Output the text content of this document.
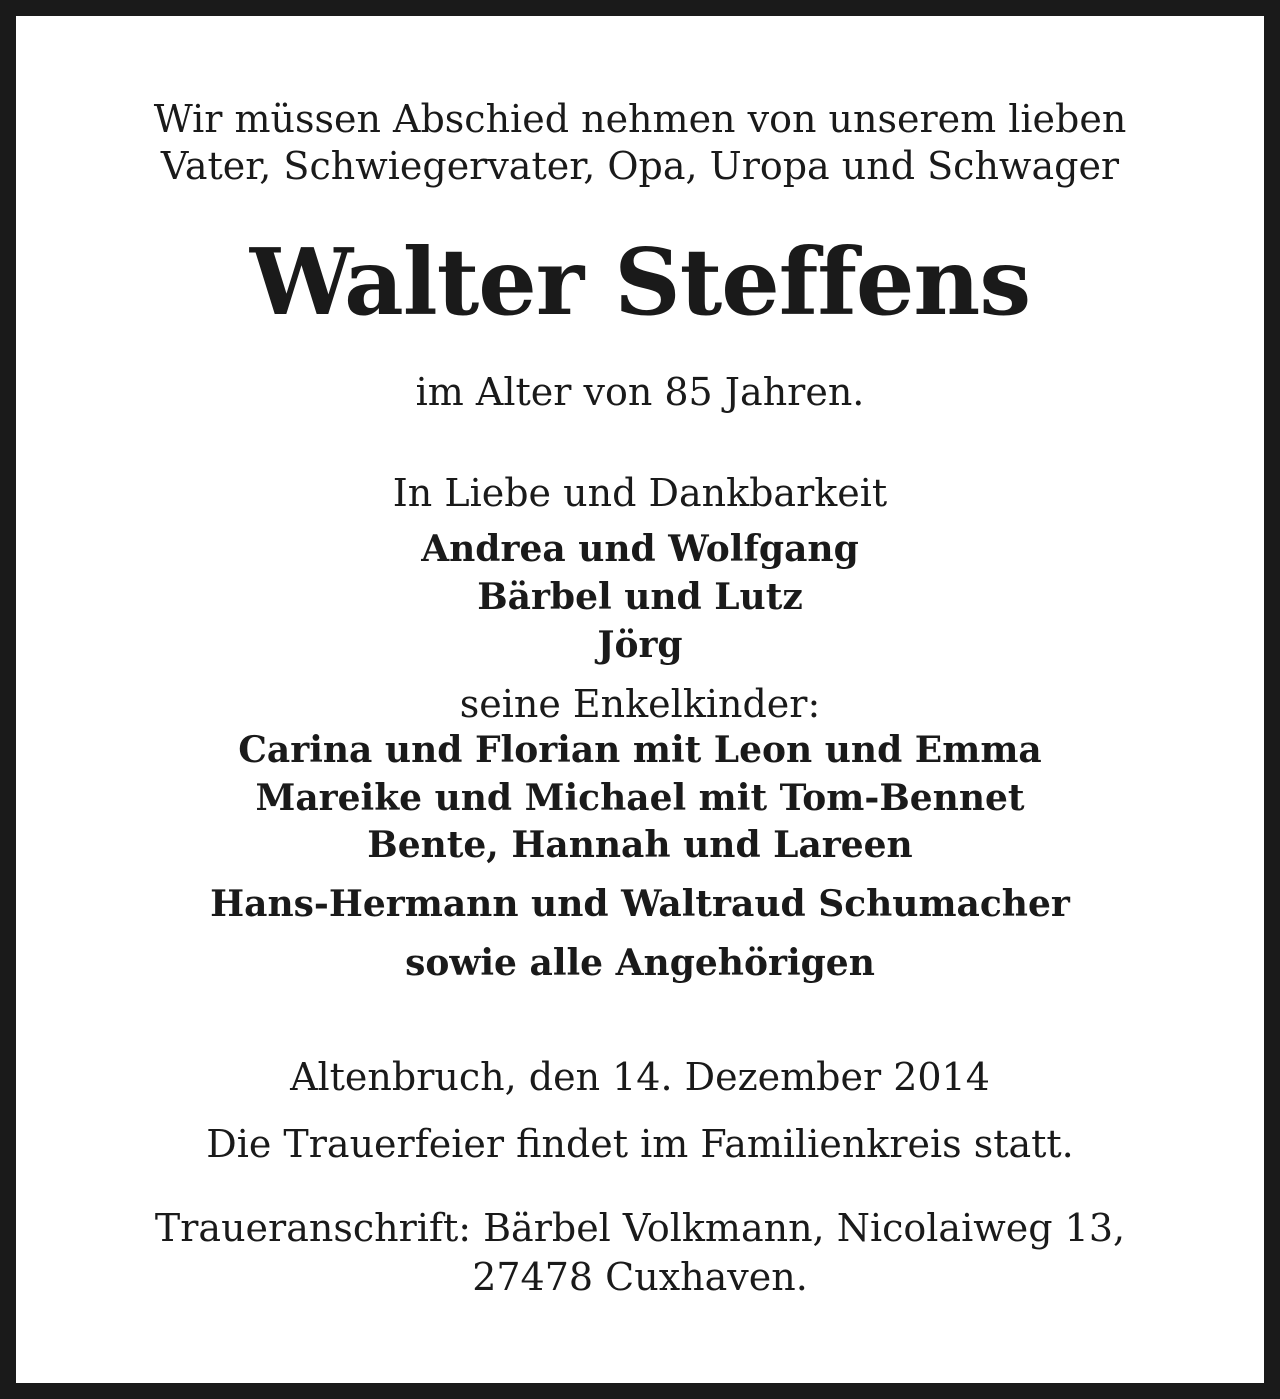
Wir müssen Abschied nehmen von unserem lieben
Vater, Schwiegervater, Opa, Uropa und Schwager
Walter Steffens
im Alter von 85 Jahren.
In Liebe und Dankbarkeit
Andrea und Wolfgang
Bärbel und Lutz
Jörg
seine Enkelkinder:
Carina und Florian mit Leon und Emma
Mareike und Michael mit Tom-Bennet
Bente, Hannah und Lareen
Hans-Hermann und Waltraud Schumacher
sowie alle Angehörigen
Altenbruch, den 14. Dezember 2014
Die Trauerfeier findet im Familienkreis statt.
Traueranschrift: Bärbel Volkmann, Nicolaiweg 13,
27478 Cuxhaven.
